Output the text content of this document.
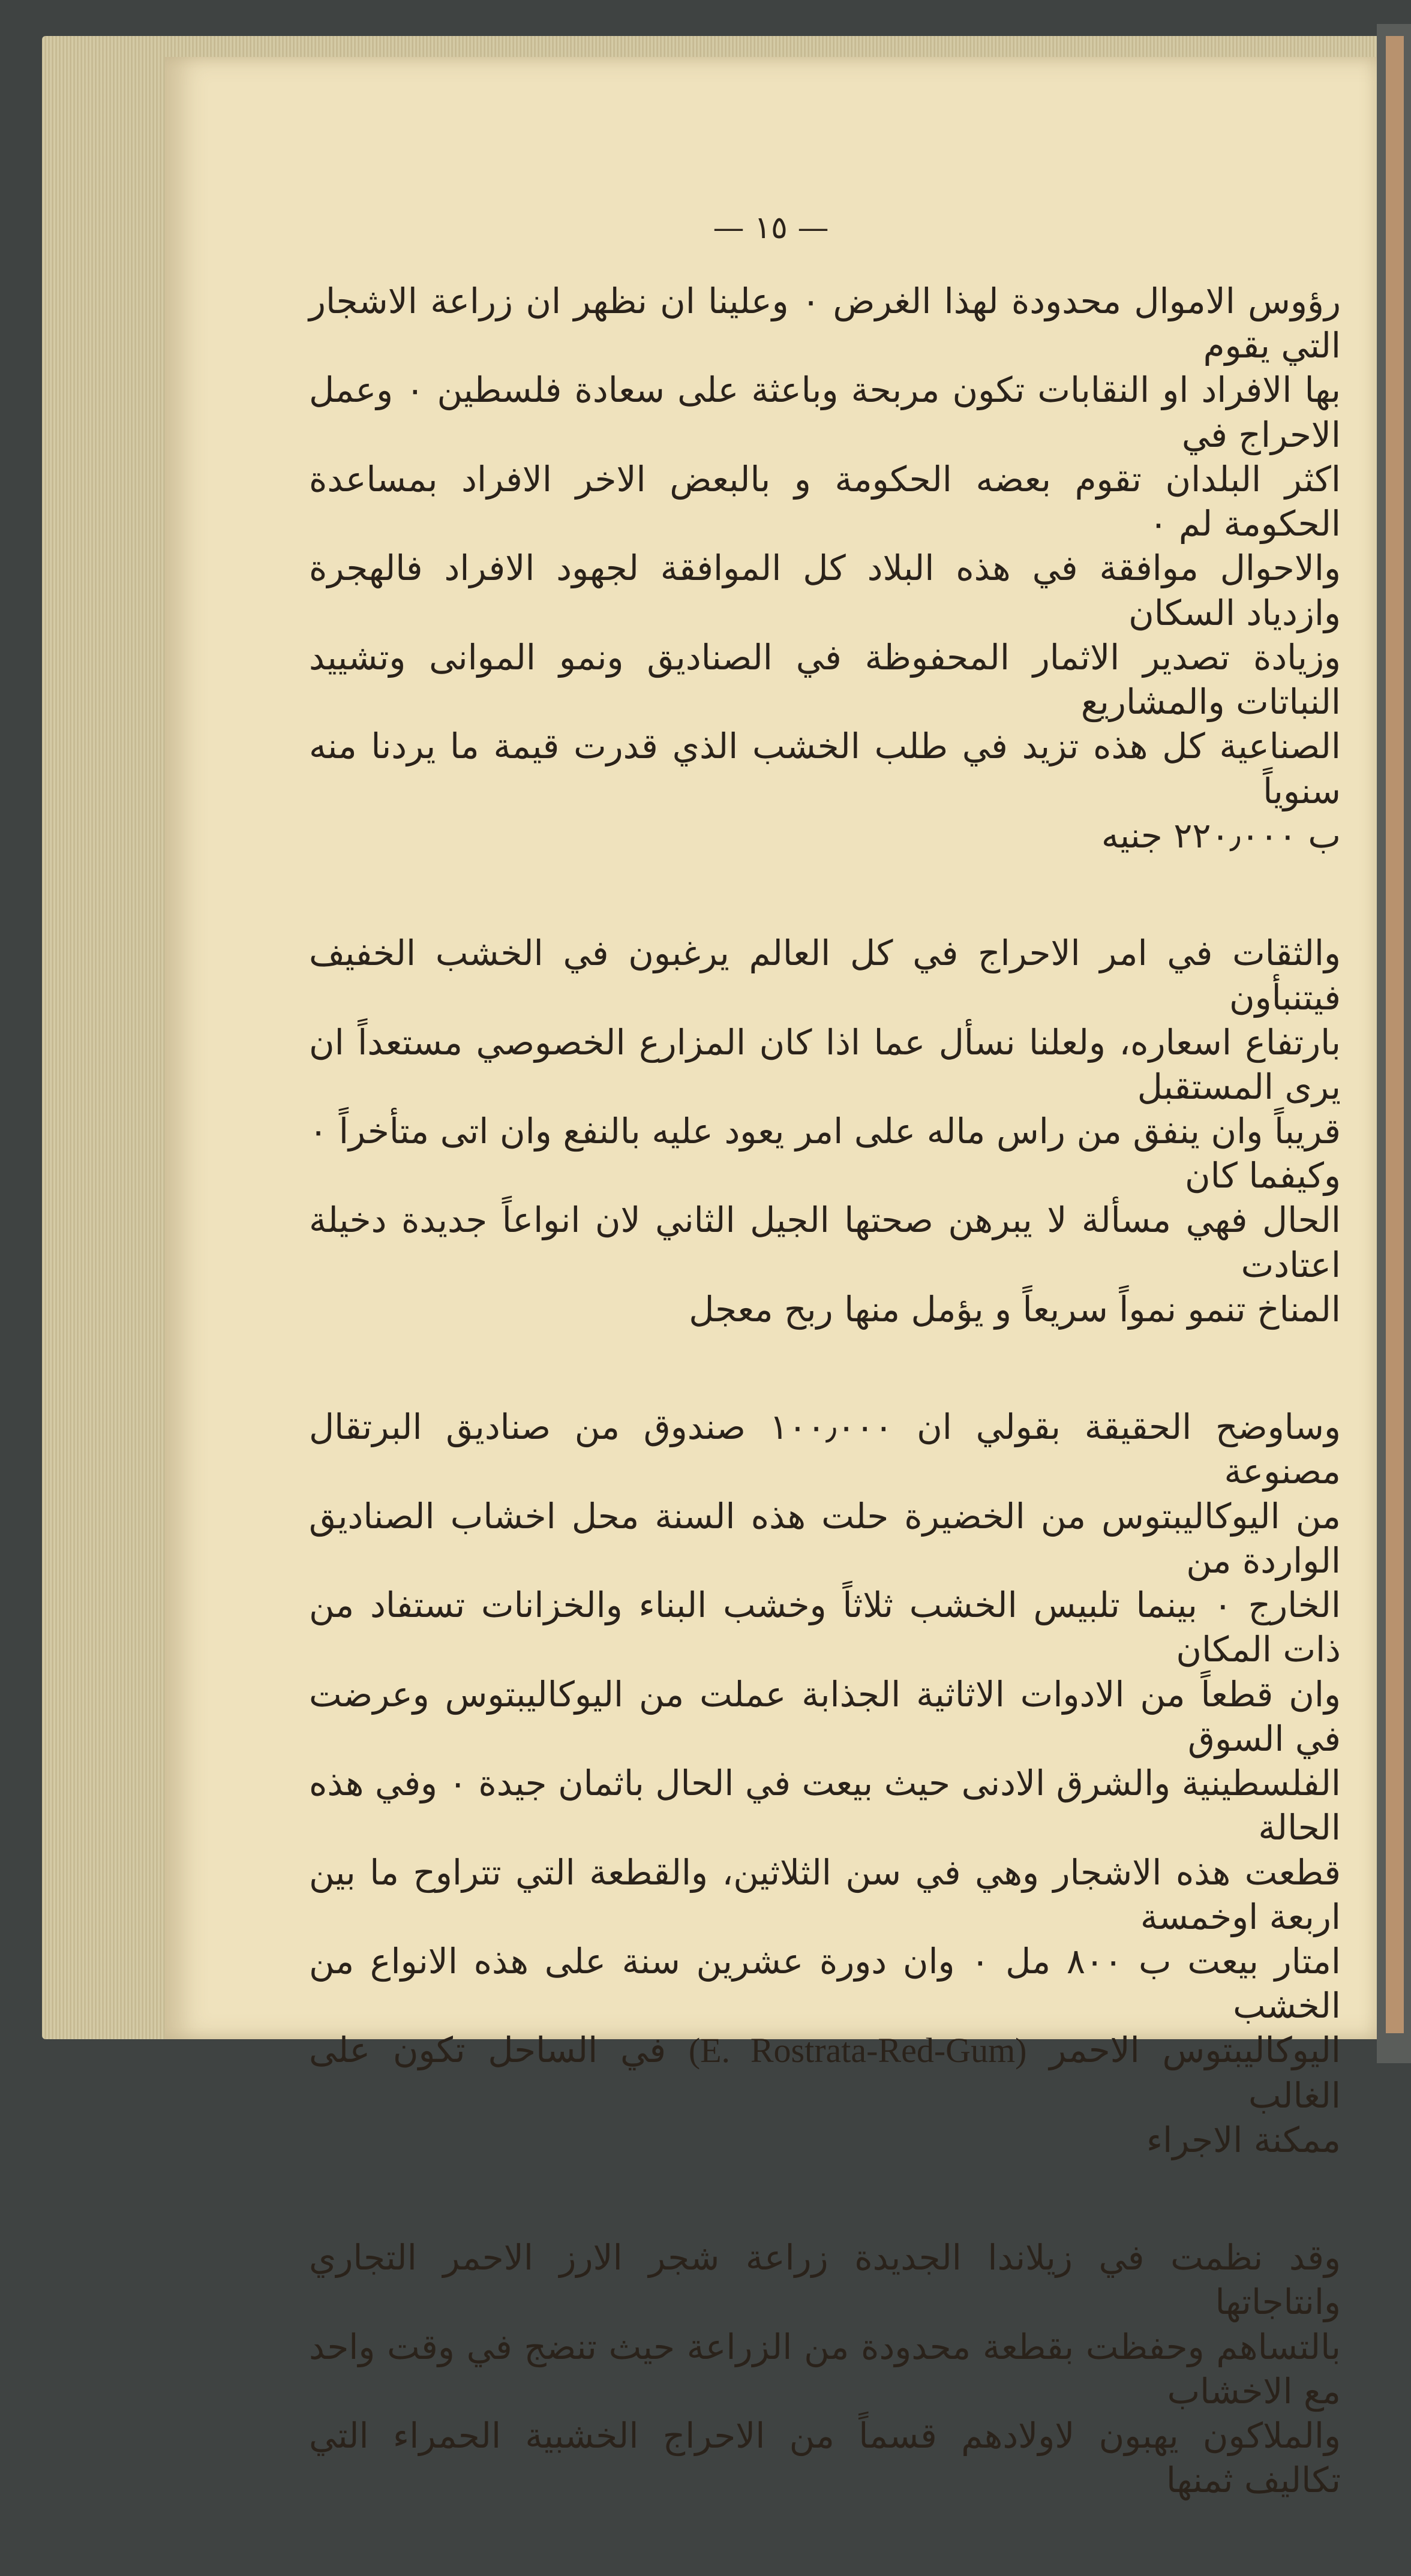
— ١٥ —

رؤوس الاموال محدودة لهذا الغرض ٠ وعلينا ان نظهر ان زراعة الاشجار التي يقوم

بها الافراد او النقابات تكون مربحة وباعثة على سعادة فلسطين ٠ وعمل الاحراج في

اكثر البلدان تقوم بعضه الحكومة و بالبعض الاخر الافراد بمساعدة الحكومة لم ٠

والاحوال موافقة في هذه البلاد كل الموافقة لجهود الافراد فالهجرة وازدياد السكان

وزيادة تصدير الاثمار المحفوظة في الصناديق ونمو الموانى وتشييد النباتات والمشاريع

الصناعية كل هذه تزيد في طلب الخشب الذي قدرت قيمة ما يردنا منه سنوياً

ب ٢٢٠٫٠٠٠ جنيه

والثقات في امر الاحراج في كل العالم يرغبون في الخشب الخفيف فيتنبأون

بارتفاع اسعاره، ولعلنا نسأل عما اذا كان المزارع الخصوصي مستعداً ان يرى المستقبل

قريباً وان ينفق من راس ماله على امر يعود عليه بالنفع وان اتى متأخراً ٠ وكيفما كان

الحال فهي مسألة لا يبرهن صحتها الجيل الثاني لان انواعاً جديدة دخيلة اعتادت

المناخ تنمو نمواً سريعاً و يؤمل منها ربح معجل

وساوضح الحقيقة بقولي ان ١٠٠٫٠٠٠ صندوق من صناديق البرتقال مصنوعة

من اليوكاليبتوس من الخضيرة حلت هذه السنة محل اخشاب الصناديق الواردة من

الخارج ٠ بينما تلبيس الخشب ثلاثاً وخشب البناء والخزانات تستفاد من ذات المكان

وان قطعاً من الادوات الاثاثية الجذابة عملت من اليوكاليبتوس وعرضت في السوق

الفلسطينية والشرق الادنى حيث بيعت في الحال باثمان جيدة ٠ وفي هذه الحالة

قطعت هذه الاشجار وهي في سن الثلاثين، والقطعة التي تتراوح ما بين اربعة اوخمسة

امتار بيعت ب ٨٠٠ مل ٠ وان دورة عشرين سنة على هذه الانواع من الخشب

اليوكاليبتوس الاحمر (E. Rostrata-Red-Gum) في الساحل تكون على الغالب

ممكنة الاجراء

وقد نظمت في زيلاندا الجديدة زراعة شجر الارز الاحمر التجاري وانتاجاتها

بالتساهم وحفظت بقطعة محدودة من الزراعة حيث تنضج في وقت واحد مع الاخشاب

والملاكون يهبون لاولادهم قسماً من الاحراج الخشبية الحمراء التي تكاليف ثمنها
